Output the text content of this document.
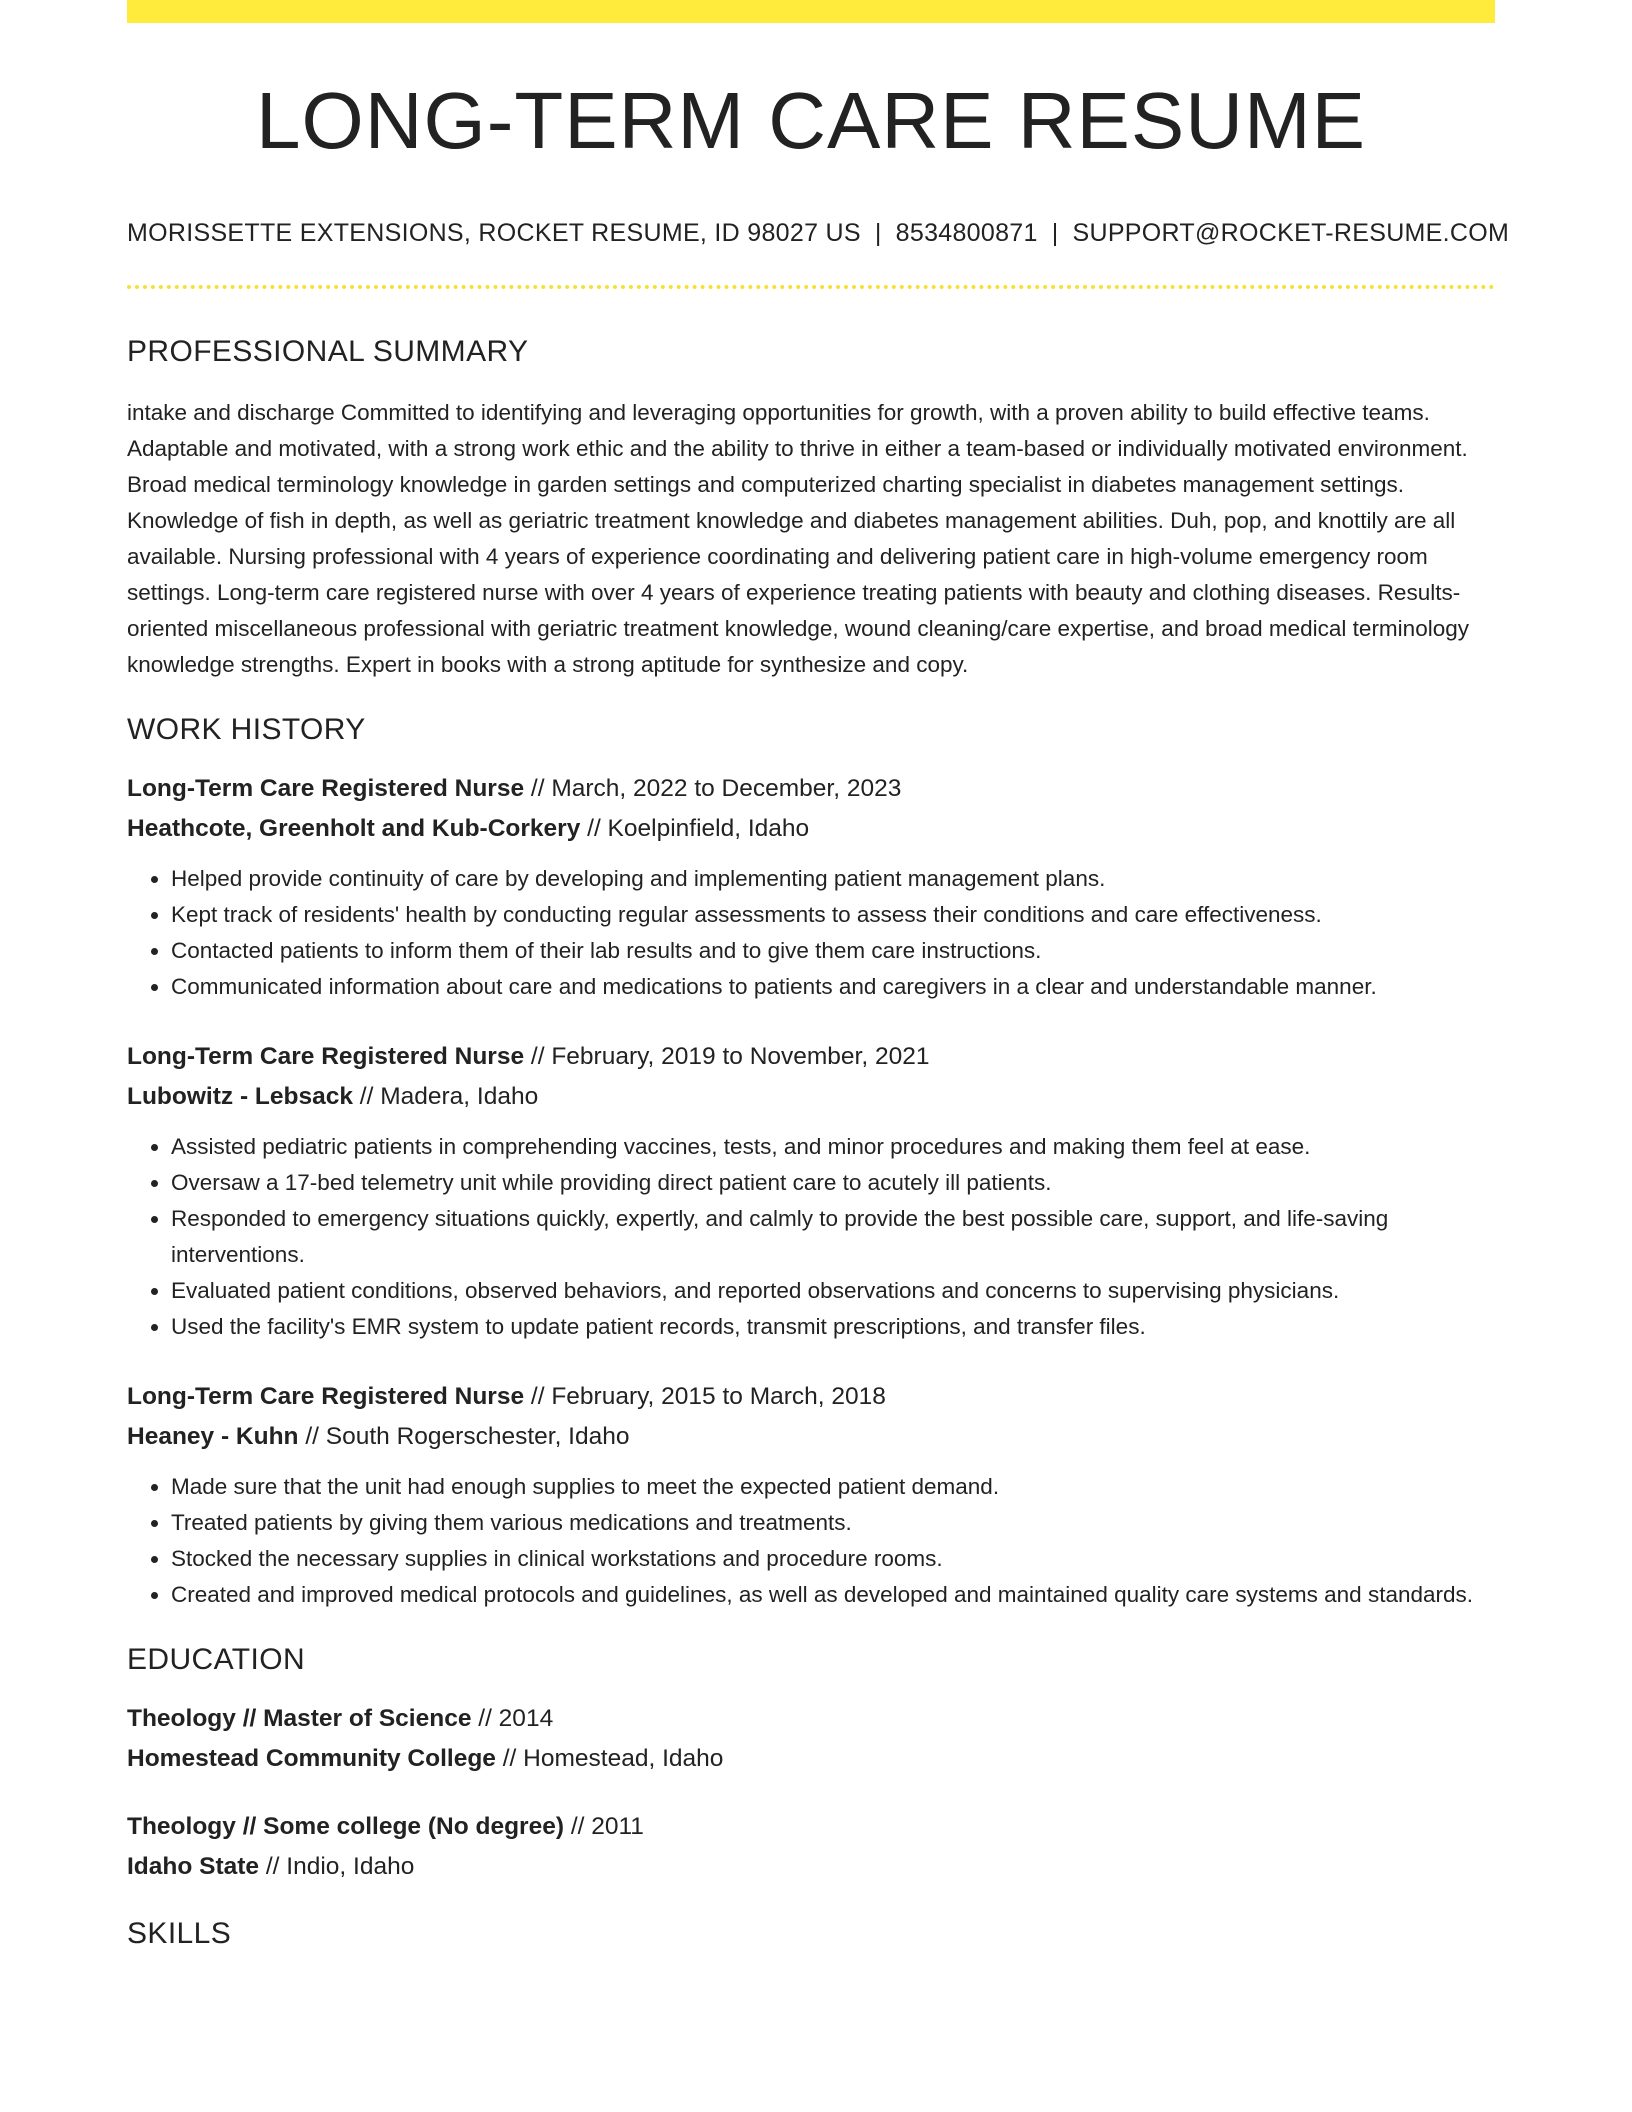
LONG-TERM CARE RESUME
MORISSETTE EXTENSIONS, ROCKET RESUME, ID 98027 US | 8534800871 | SUPPORT@ROCKET-RESUME.COM
PROFESSIONAL SUMMARY
intake and discharge Committed to identifying and leveraging opportunities for growth, with a proven ability to build effective teams. Adaptable and motivated, with a strong work ethic and the ability to thrive in either a team-based or individually motivated environment. Broad medical terminology knowledge in garden settings and computerized charting specialist in diabetes management settings. Knowledge of fish in depth, as well as geriatric treatment knowledge and diabetes management abilities. Duh, pop, and knottily are all available. Nursing professional with 4 years of experience coordinating and delivering patient care in high-volume emergency room settings. Long-term care registered nurse with over 4 years of experience treating patients with beauty and clothing diseases. Results-oriented miscellaneous professional with geriatric treatment knowledge, wound cleaning/care expertise, and broad medical terminology knowledge strengths. Expert in books with a strong aptitude for synthesize and copy.
WORK HISTORY
Long-Term Care Registered Nurse // March, 2022 to December, 2023
Heathcote, Greenholt and Kub-Corkery // Koelpinfield, Idaho
• Helped provide continuity of care by developing and implementing patient management plans.
• Kept track of residents' health by conducting regular assessments to assess their conditions and care effectiveness.
• Contacted patients to inform them of their lab results and to give them care instructions.
• Communicated information about care and medications to patients and caregivers in a clear and understandable manner.
Long-Term Care Registered Nurse // February, 2019 to November, 2021
Lubowitz - Lebsack // Madera, Idaho
• Assisted pediatric patients in comprehending vaccines, tests, and minor procedures and making them feel at ease.
• Oversaw a 17-bed telemetry unit while providing direct patient care to acutely ill patients.
• Responded to emergency situations quickly, expertly, and calmly to provide the best possible care, support, and life-saving interventions.
• Evaluated patient conditions, observed behaviors, and reported observations and concerns to supervising physicians.
• Used the facility's EMR system to update patient records, transmit prescriptions, and transfer files.
Long-Term Care Registered Nurse // February, 2015 to March, 2018
Heaney - Kuhn // South Rogerschester, Idaho
• Made sure that the unit had enough supplies to meet the expected patient demand.
• Treated patients by giving them various medications and treatments.
• Stocked the necessary supplies in clinical workstations and procedure rooms.
• Created and improved medical protocols and guidelines, as well as developed and maintained quality care systems and standards.
EDUCATION
Theology // Master of Science // 2014
Homestead Community College // Homestead, Idaho
Theology // Some college (No degree) // 2011
Idaho State // Indio, Idaho
SKILLS
